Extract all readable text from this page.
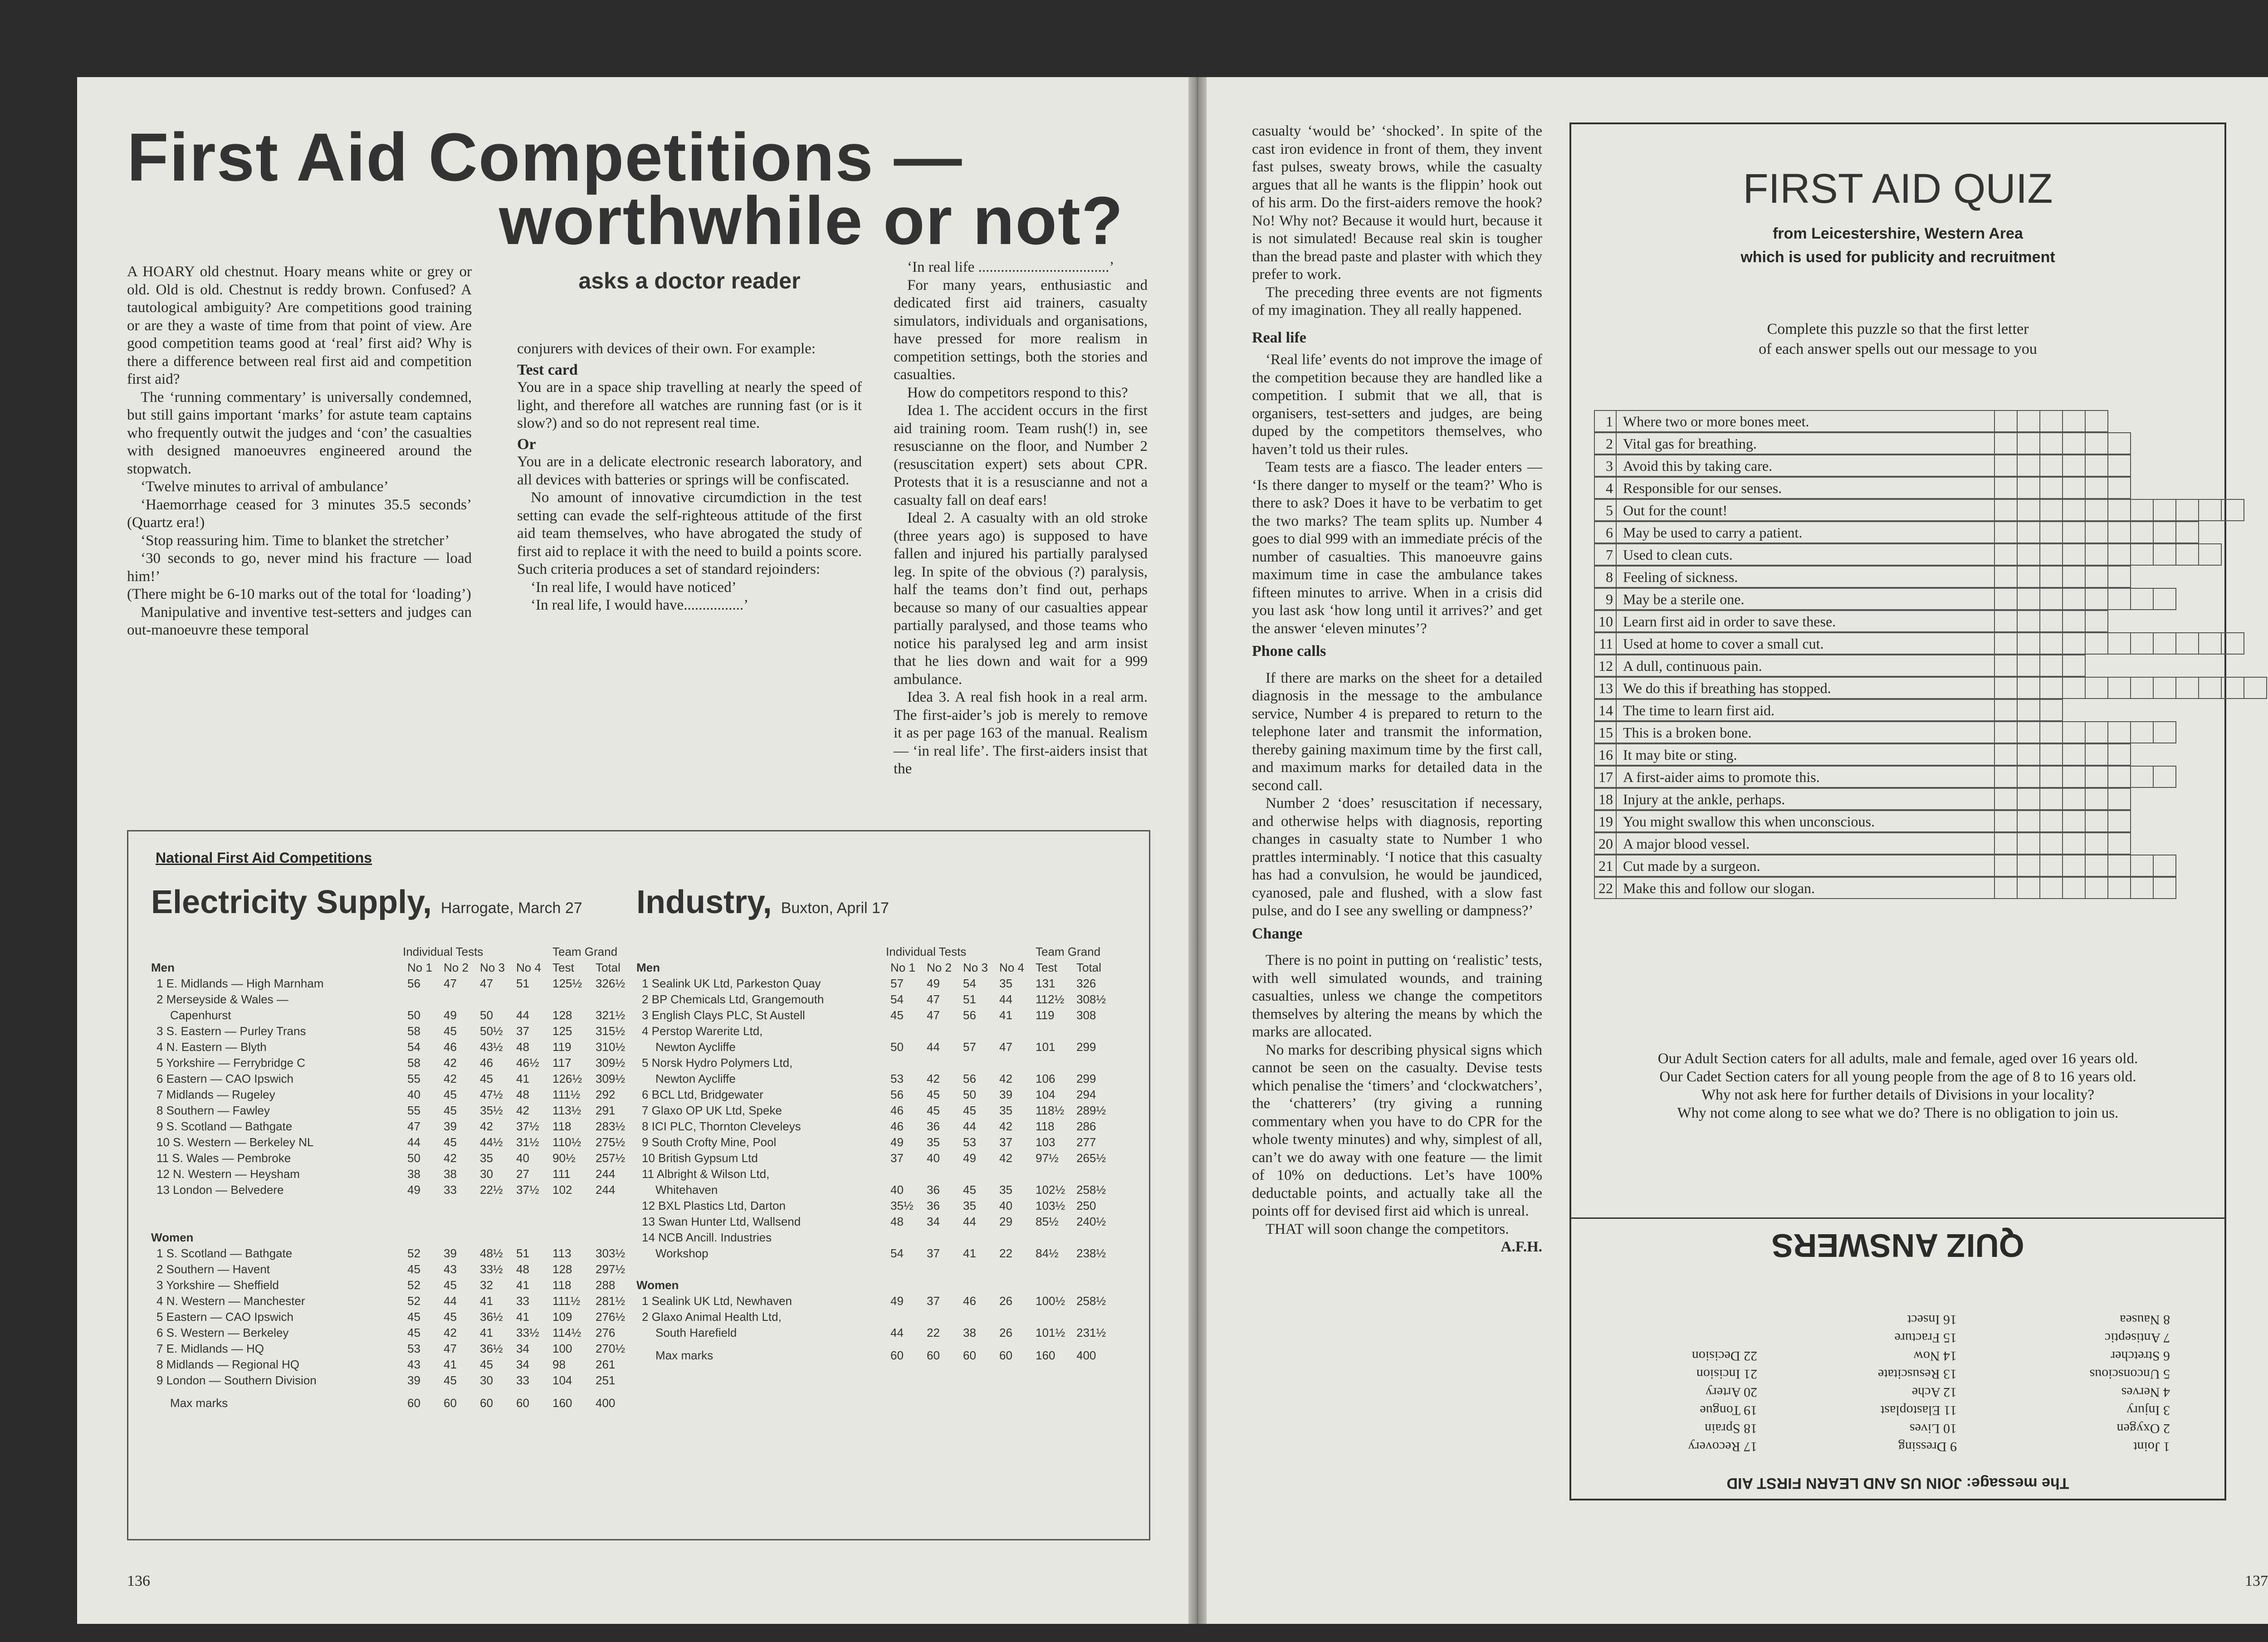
First Aid Competitions —
worthwhile or not?

A HOARY old chestnut. Hoary means white or grey or old. Old is old. Chestnut is reddy brown. Confused? A tautological ambiguity? Are competitions good training or are they a waste of time from that point of view. Are good competition teams good at ‘real’ first aid? Why is there a difference between real first aid and competition first aid?

The ‘running commentary’ is universally condemned, but still gains important ‘marks’ for astute team captains who frequently outwit the judges and ‘con’ the casualties with designed manoeuvres engineered around the stopwatch.

‘Twelve minutes to arrival of ambulance’

‘Haemorrhage ceased for 3 minutes 35.5 seconds’ (Quartz era!)

‘Stop reassuring him. Time to blanket the stretcher’

‘30 seconds to go, never mind his fracture — load him!’

(There might be 6-10 marks out of the total for ‘loading’)

Manipulative and inventive test-setters and judges can out-manoeuvre these temporal

asks a doctor reader

conjurers with devices of their own. For example:

Test card

You are in a space ship travelling at nearly the speed of light, and therefore all watches are running fast (or is it slow?) and so do not represent real time.

Or

You are in a delicate electronic research laboratory, and all devices with batteries or springs will be confiscated.

No amount of innovative circumdiction in the test setting can evade the self-righteous attitude of the first aid team themselves, who have abrogated the study of first aid to replace it with the need to build a points score. Such criteria produces a set of standard rejoinders:

‘In real life, I would have noticed’

‘In real life, I would have................’

‘In real life ...................................’

For many years, enthusiastic and dedicated first aid trainers, casualty simulators, individuals and organisations, have pressed for more realism in competition settings, both the stories and casualties.

How do competitors respond to this?

Idea 1. The accident occurs in the first aid training room. Team rush(!) in, see resuscianne on the floor, and Number 2 (resuscitation expert) sets about CPR. Protests that it is a resuscianne and not a casualty fall on deaf ears!

Ideal 2. A casualty with an old stroke (three years ago) is supposed to have fallen and injured his partially paralysed leg. In spite of the obvious (?) paralysis, half the teams don’t find out, perhaps because so many of our casualties appear partially paralysed, and those teams who notice his paralysed leg and arm insist that he lies down and wait for a 999 ambulance.

Idea 3. A real fish hook in a real arm. The first-aider’s job is merely to remove it as per page 163 of the manual. Realism — ‘in real life’. The first-aiders insist that the

National First Aid Competitions
Electricity Supply, Harrogate, March 27 Industry, Buxton, April 17
Individual Tests	Team Grand
Men	No 1 No 2 No 3 No 4 Test Total
1 E. Midlands — High Marnham	56 47 47 51 125½ 326½
2 Merseyside & Wales —
Capenhurst	50 49 50 44 128 321½
3 S. Eastern — Purley Trans	58 45 50½ 37 125 315½
4 N. Eastern — Blyth	54 46 43½ 48 119 310½
5 Yorkshire — Ferrybridge C	58 42 46 46½ 117 309½
6 Eastern — CAO Ipswich	55 42 45 41 126½ 309½
7 Midlands — Rugeley	40 45 47½ 48 111½ 292
8 Southern — Fawley	55 45 35½ 42 113½ 291
9 S. Scotland — Bathgate	47 39 42 37½ 118 283½
10 S. Western — Berkeley NL	44 45 44½ 31½ 110½ 275½
11 S. Wales — Pembroke	50 42 35 40 90½ 257½
12 N. Western — Heysham	38 38 30 27 111 244
13 London — Belvedere	49 33 22½ 37½ 102 244
Women
1 S. Scotland — Bathgate	52 39 48½ 51 113 303½
2 Southern — Havent	45 43 33½ 48 128 297½
3 Yorkshire — Sheffield	52 45 32 41 118 288
4 N. Western — Manchester	52 44 41 33 111½ 281½
5 Eastern — CAO Ipswich	45 45 36½ 41 109 276½
6 S. Western — Berkeley	45 42 41 33½ 114½ 276
7 E. Midlands — HQ	53 47 36½ 34 100 270½
8 Midlands — Regional HQ	43 41 45 34 98	261
9 London — Southern Division	39 45 30 33 104 251
Max marks	60 60 60 60 160 400
Individual Tests	Team Grand
Men	No 1 No 2 No 3 No 4 Test Total
1 Sealink UK Ltd, Parkeston Quay	57 49 54 35 131 326
2 BP Chemicals Ltd, Grangemouth	54 47 51 44 112½ 308½
3 English Clays PLC, St Austell	45 47 56 41 119 308
4 Perstop Warerite Ltd,
Newton Aycliffe	50 44 57 47 101 299
5 Norsk Hydro Polymers Ltd,
Newton Aycliffe	53 42 56 42 106 299
6 BCL Ltd, Bridgewater	56 45 50 39 104 294
7 Glaxo OP UK Ltd, Speke	46 45 45 35 118½ 289½
8 ICI PLC, Thornton Cleveleys	46 36 44 42 118 286
9 South Crofty Mine, Pool	49 35 53 37 103 277
10 British Gypsum Ltd	37 40 49 42 97½ 265½
11 Albright & Wilson Ltd,
Whitehaven	40 36 45 35 102½ 258½
12 BXL Plastics Ltd, Darton	35½ 36 35 40 103½ 250
13 Swan Hunter Ltd, Wallsend	48 34 44 29 85½ 240½
14 NCB Ancill. Industries
Workshop	54 37 41 22 84½ 238½
Women
1 Sealink UK Ltd, Newhaven	49 37 46 26 100½ 258½
2 Glaxo Animal Health Ltd,
South Harefield	44 22 38 26 101½ 231½
Max marks	60 60 60 60 160 400
136

casualty ‘would be’ ‘shocked’. In spite of the cast iron evidence in front of them, they invent fast pulses, sweaty brows, while the casualty argues that all he wants is the flippin’ hook out of his arm. Do the first-aiders remove the hook? No! Why not? Because it would hurt, because it is not simulated! Because real skin is tougher than the bread paste and plaster with which they prefer to work.

The preceding three events are not figments of my imagination. They all really happened.

Real life

‘Real life’ events do not improve the image of the competition because they are handled like a competition. I submit that we all, that is organisers, test-setters and judges, are being duped by the competitors themselves, who haven’t told us their rules.

Team tests are a fiasco. The leader enters — ‘Is there danger to myself or the team?’ Who is there to ask? Does it have to be verbatim to get the two marks? The team splits up. Number 4 goes to dial 999 with an immediate précis of the number of casualties. This manoeuvre gains maximum time in case the ambulance takes fifteen minutes to arrive. When in a crisis did you last ask ‘how long until it arrives?’ and get the answer ‘eleven minutes’?

Phone calls

If there are marks on the sheet for a detailed diagnosis in the message to the ambulance service, Number 4 is prepared to return to the telephone later and transmit the information, thereby gaining maximum time by the first call, and maximum marks for detailed data in the second call.

Number 2 ‘does’ resuscitation if necessary, and otherwise helps with diagnosis, reporting changes in casualty state to Number 1 who prattles interminably. ‘I notice that this casualty has had a convulsion, he would be jaundiced, cyanosed, pale and flushed, with a slow fast pulse, and do I see any swelling or dampness?’

Change

There is no point in putting on ‘realistic’ tests, with well simulated wounds, and training casualties, unless we change the competitors themselves by altering the means by which the marks are allocated.

No marks for describing physical signs which cannot be seen on the casualty. Devise tests which penalise the ‘timers’ and ‘clockwatchers’, the ‘chatterers’ (try giving a running commentary when you have to do CPR for the whole twenty minutes) and why, simplest of all, can’t we do away with one feature — the limit of 10% on deductions. Let’s have 100% deductable points, and actually take all the points off for devised first aid which is unreal.

THAT will soon change the competitors.

A.F.H.

FIRST AID QUIZ
from Leicestershire, Western Area
which is used for publicity and recruitment
Complete this puzzle so that the first letter
of each answer spells out our message to you
1 Where two or more bones meet.
2 Vital gas for breathing.
3 Avoid this by taking care.
4 Responsible for our senses.
5 Out for the count!
6 May be used to carry a patient.
7 Used to clean cuts.
8 Feeling of sickness.
9 May be a sterile one.
10 Learn first aid in order to save these.
11 Used at home to cover a small cut.
12 A dull, continuous pain.
13 We do this if breathing has stopped.
14 The time to learn first aid.
15 This is a broken bone.
16 It may bite or sting.
17 A first-aider aims to promote this.
18 Injury at the ankle, perhaps.
19 You might swallow this when unconscious.
20 A major blood vessel.
21 Cut made by a surgeon.
22 Make this and follow our slogan.
Our Adult Section caters for all adults, male and female, aged over 16 years old.
Our Cadet Section caters for all young people from the age of 8 to 16 years old.
Why not ask here for further details of Divisions in your locality?
Why not come along to see what we do? There is no obligation to join us.
The message: JOIN US AND LEARN FIRST AID
1 Joint
2 Oxygen
3 Injury
4 Nerves
5 Unconscious
6 Stretcher
7 Antiseptic
8 Nausea
9 Dressing
10 Lives
11 Elastoplast
12 Ache
13 Resuscitate
14 Now
15 Fracture
16 Insect
17 Recovery
18 Sprain
19 Tongue
20 Artery
21 Incision
22 Decision
QUIZ ANSWERS
137
